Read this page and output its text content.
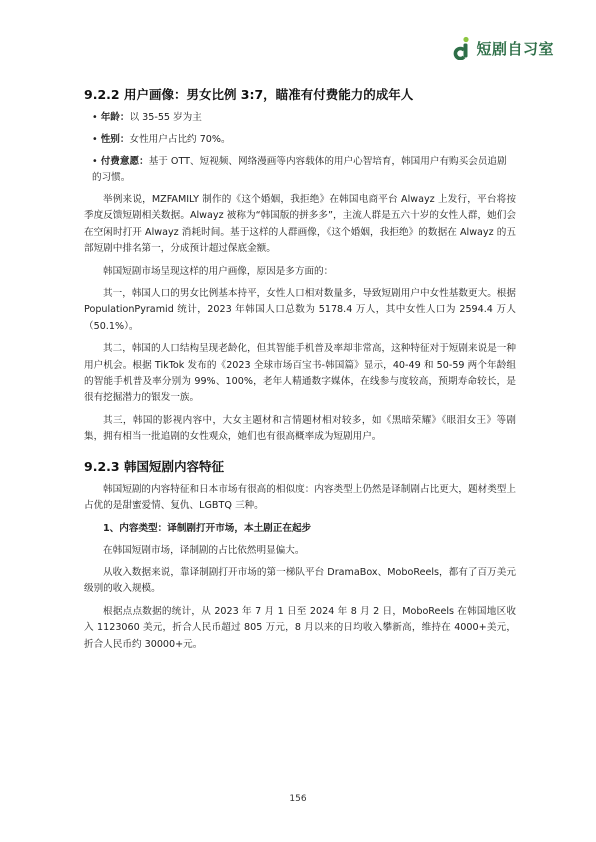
短剧自习室
9.2.2 用户画像：男女比例 3:7，瞄准有付费能力的成年人
• 年龄：以 35-55 岁为主
• 性别：女性用户占比约 70%。
• 付费意愿：基于 OTT、短视频、网络漫画等内容载体的用户心智培育，韩国用户有购买会员追剧的习惯。

举例来说，MZFAMILY 制作的《这个婚姻，我拒绝》在韩国电商平台 Alwayz 上发行，平台将按季度反馈短剧相关数据。Alwayz 被称为“韩国版的拼多多”，主流人群是五六十岁的女性人群，她们会在空闲时打开 Alwayz 消耗时间。基于这样的人群画像，《这个婚姻，我拒绝》的数据在 Alwayz 的五部短剧中排名第一，分成预计超过保底金额。

韩国短剧市场呈现这样的用户画像，原因是多方面的：

其一，韩国人口的男女比例基本持平，女性人口相对数量多，导致短剧用户中女性基数更大。根据 PopulationPyramid 统计，2023 年韩国人口总数为 5178.4 万人，其中女性人口为 2594.4 万人（50.1%）。

其二，韩国的人口结构呈现老龄化，但其智能手机普及率却非常高，这种特征对于短剧来说是一种用户机会。根据 TikTok 发布的《2023 全球市场百宝书-韩国篇》显示，40-49 和 50-59 两个年龄组的智能手机普及率分别为 99%、100%，老年人精通数字媒体，在线参与度较高，预期寿命较长，是很有挖掘潜力的银发一族。

其三，韩国的影视内容中，大女主题材和言情题材相对较多，如《黑暗荣耀》《眼泪女王》等剧集，拥有相当一批追剧的女性观众，她们也有很高概率成为短剧用户。

9.2.3 韩国短剧内容特征

韩国短剧的内容特征和日本市场有很高的相似度：内容类型上仍然是译制剧占比更大，题材类型上占优的是甜蜜爱情、复仇、LGBTQ 三种。

1、内容类型：译制剧打开市场，本土剧正在起步

在韩国短剧市场，译制剧的占比依然明显偏大。

从收入数据来说，靠译制剧打开市场的第一梯队平台 DramaBox、MoboReels，都有了百万美元级别的收入规模。

根据点点数据的统计，从 2023 年 7 月 1 日至 2024 年 8 月 2 日，MoboReels 在韩国地区收入 1123060 美元，折合人民币超过 805 万元，8 月以来的日均收入攀新高，维持在 4000+美元，折合人民币约 30000+元。

156
